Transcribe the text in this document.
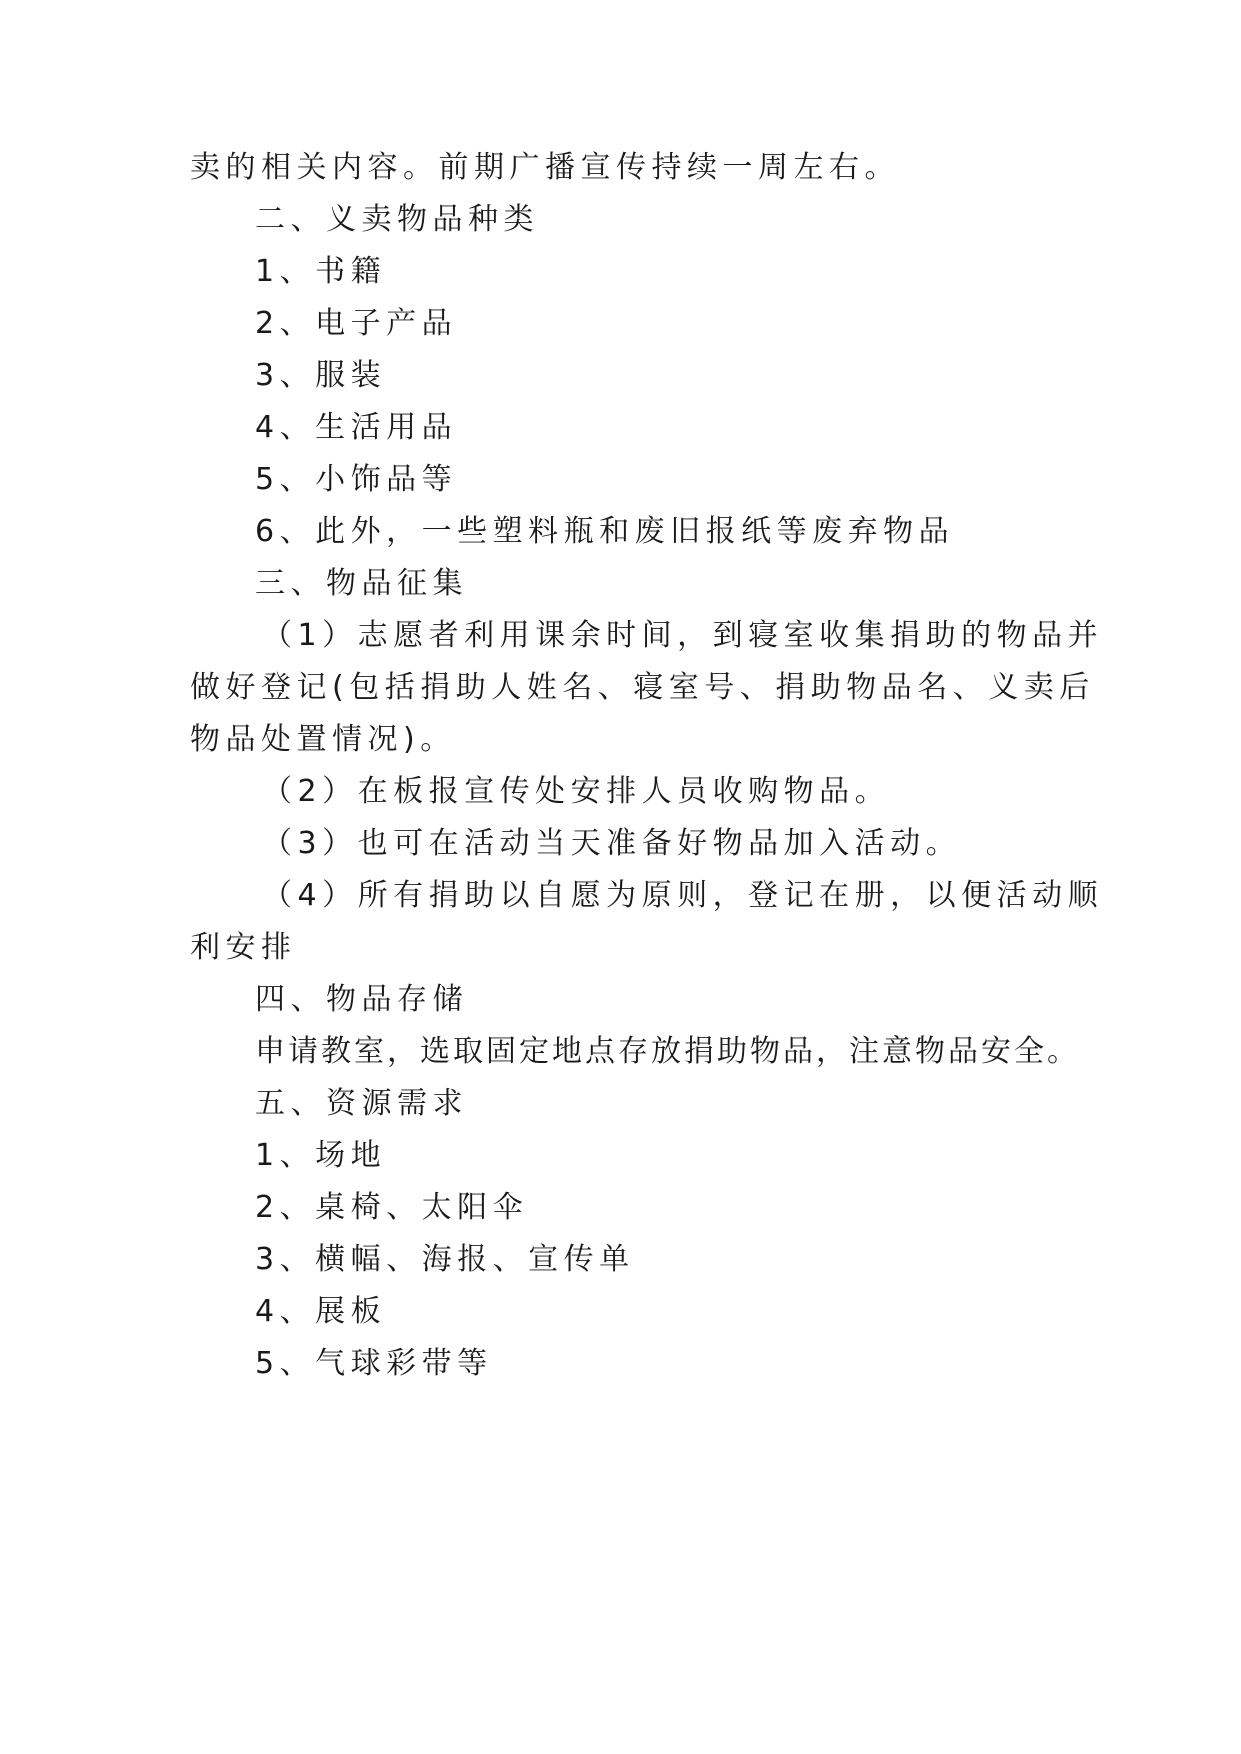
卖的相关内容。前期广播宣传持续一周左右。
二、义卖物品种类
1、书籍
2、电子产品
3、服装
4、生活用品
5、小饰品等
6、此外，一些塑料瓶和废旧报纸等废弃物品
三、物品征集
（1）志愿者利用课余时间，到寝室收集捐助的物品并
做好登记(包括捐助人姓名、寝室号、捐助物品名、义卖后
物品处置情况)。
（2）在板报宣传处安排人员收购物品。
（3）也可在活动当天准备好物品加入活动。
（4）所有捐助以自愿为原则，登记在册，以便活动顺
利安排
四、物品存储
申请教室，选取固定地点存放捐助物品，注意物品安全。
五、资源需求
1、场地
2、桌椅、太阳伞
3、横幅、海报、宣传单
4、展板
5、气球彩带等
